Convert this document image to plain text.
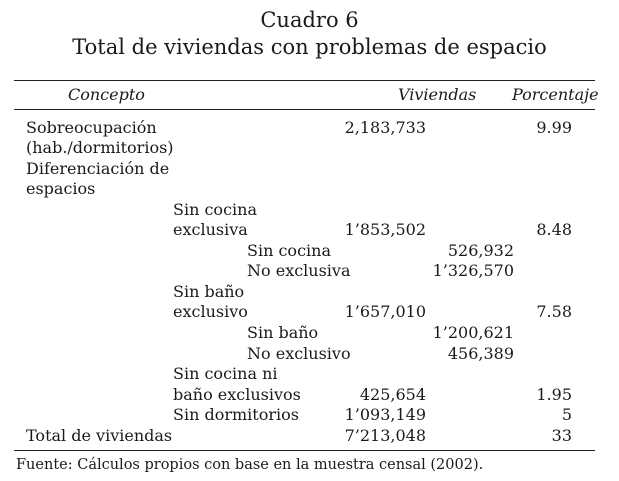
Cuadro 6
Total de viviendas con problemas de espacio
Concepto	Viviendas Porcentaje
Sobreocupación
(hab./dormitorios)
2,183,733	9.99
Diferenciación de
espacios
Sin cocina
exclusiva	1’853,502	8.48
Sin cocina	526,932
No exclusiva	1’326,570
Sin baño
exclusivo	1’657,010	7.58
Sin baño	1’200,621
No exclusivo	456,389
Sin cocina ni
baño exclusivos	425,654	1.95
Sin dormitorios	1’093,149	5
Total de viviendas	7’213,048	33
Fuente: Cálculos propios con base en la muestra censal (2002).
